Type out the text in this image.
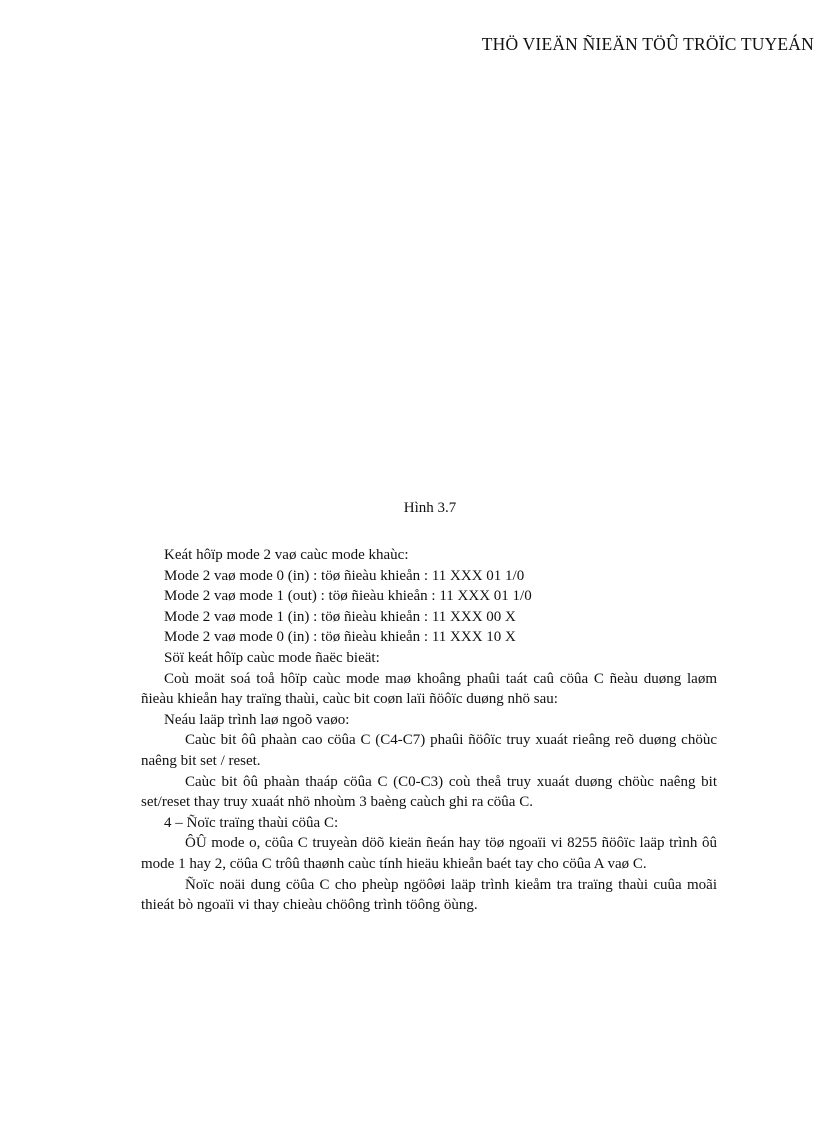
THÖ VIEÄN ÑIEÄN TÖÛ TRÖÏC TUYEÁN
Hình 3.7

Keát hôïp mode 2 vaø caùc mode khaùc:

Mode 2 vaø mode 0 (in) : töø ñieàu khieån : 11 XXX 01 1/0

Mode 2 vaø mode 1 (out) : töø ñieàu khieån : 11 XXX 01 1/0

Mode 2 vaø mode 1 (in) : töø ñieàu khieån : 11 XXX 00 X

Mode 2 vaø mode 0 (in) : töø ñieàu khieån : 11 XXX 10 X

Söï keát hôïp caùc mode ñaëc bieät:

Coù moät soá toå hôïp caùc mode maø khoâng phaûi taát caû cöûa C ñeàu duøng laøm ñieàu khieån hay traïng thaùi, caùc bit coøn laïi ñöôïc duøng nhö sau:

Neáu laäp trình laø ngoõ vaøo:

Caùc bit ôû phaàn cao cöûa C (C4-C7) phaûi ñöôïc truy xuaát rieâng reõ duøng chöùc naêng bit set / reset.

Caùc bit ôû phaàn thaáp cöûa C (C0-C3) coù theå truy xuaát duøng chöùc naêng bit set/reset thay truy xuaát nhö nhoùm 3 baèng caùch ghi ra cöûa C.

4 – Ñoïc traïng thaùi cöûa C:

ÔÛ mode o, cöûa C truyeàn döõ kieän ñeán hay töø ngoaïi vi 8255 ñöôïc laäp trình ôû mode 1 hay 2, cöûa C trôû thaønh caùc tính hieäu khieån baét tay cho cöûa A vaø C.

Ñoïc noäi dung cöûa C cho pheùp ngöôøi laäp trình kieåm tra traïng thaùi cuûa moãi thieát bò ngoaïi vi thay chieàu chöông trình töông öùng.
